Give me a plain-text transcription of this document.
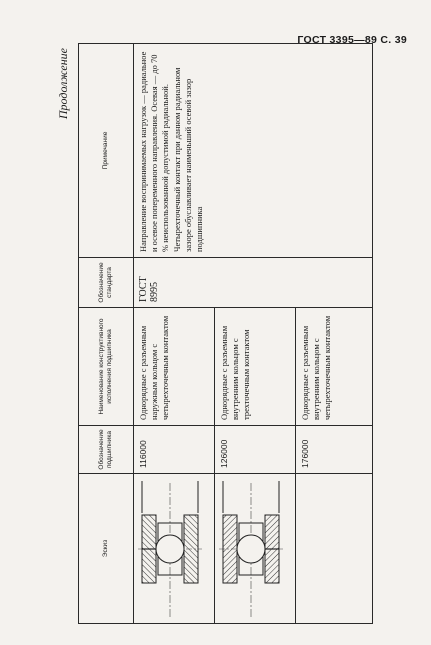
ГОСТ 3395—89 С. 39
Продолжение
Эскиз	Обозначение подшипника	Наименование конструктивного исполнения подшипника	Обозначение стандарта	Примечание

	116000	Однорядные с разъемным наружным кольцом с четырехточечным контактом	ГОСТ 8995	Направление воспринимаемых нагрузок — радиальное и осевое попеременного направления. Осевая — до 70 % неиспользованной допустимой радиальной. Четырехточечный контакт при данном радиальном зазоре обуславливает наименьший осевой зазор подшипника

	126000	Однорядные с разъемным внутренним кольцом с трехточечным контактом		
	176000	Однорядные с разъемным внутренним кольцом с четырехточечным контактом		
